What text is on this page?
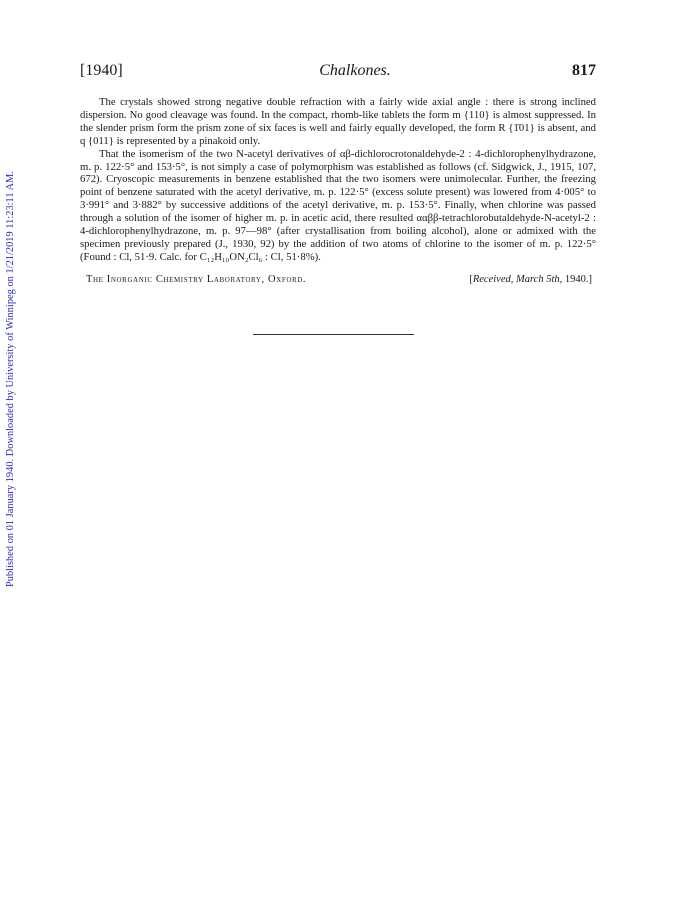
Published on 01 January 1940. Downloaded by University of Winnipeg on 1/21/2019 11:23:11 AM.
[1940]	Chalkones.	817

The crystals showed strong negative double refraction with a fairly wide axial angle : there is strong inclined dispersion. No good cleavage was found. In the compact, rhomb-like tablets the form m {110} is almost suppressed. In the slender prism form the prism zone of six faces is well and fairly equally developed, the form R {1̄01} is absent, and q {011} is represented by a pinakoid only.

That the isomerism of the two N-acetyl derivatives of αβ-dichlorocrotonaldehyde-2 : 4-dichlorophenylhydrazone, m. p. 122·5° and 153·5°, is not simply a case of polymorphism was established as follows (cf. Sidgwick, J., 1915, 107, 672). Cryoscopic measurements in benzene established that the two isomers were unimolecular. Further, the freezing point of benzene saturated with the acetyl derivative, m. p. 122·5° (excess solute present) was lowered from 4·005° to 3·991° and 3·882° by successive additions of the acetyl derivative, m. p. 153·5°. Finally, when chlorine was passed through a solution of the isomer of higher m. p. in acetic acid, there resulted ααββ-tetrachlorobutaldehyde-N-acetyl-2 : 4-dichlorophenylhydrazone, m. p. 97—98° (after crystallisation from boiling alcohol), alone or admixed with the specimen previously prepared (J., 1930, 92) by the addition of two atoms of chlorine to the isomer of m. p. 122·5° (Found : Cl, 51·9. Calc. for C₁₂H₁₀ON₂Cl₆ : Cl, 51·8%).

The Inorganic Chemistry Laboratory, Oxford.	[Received, March 5th, 1940.]
